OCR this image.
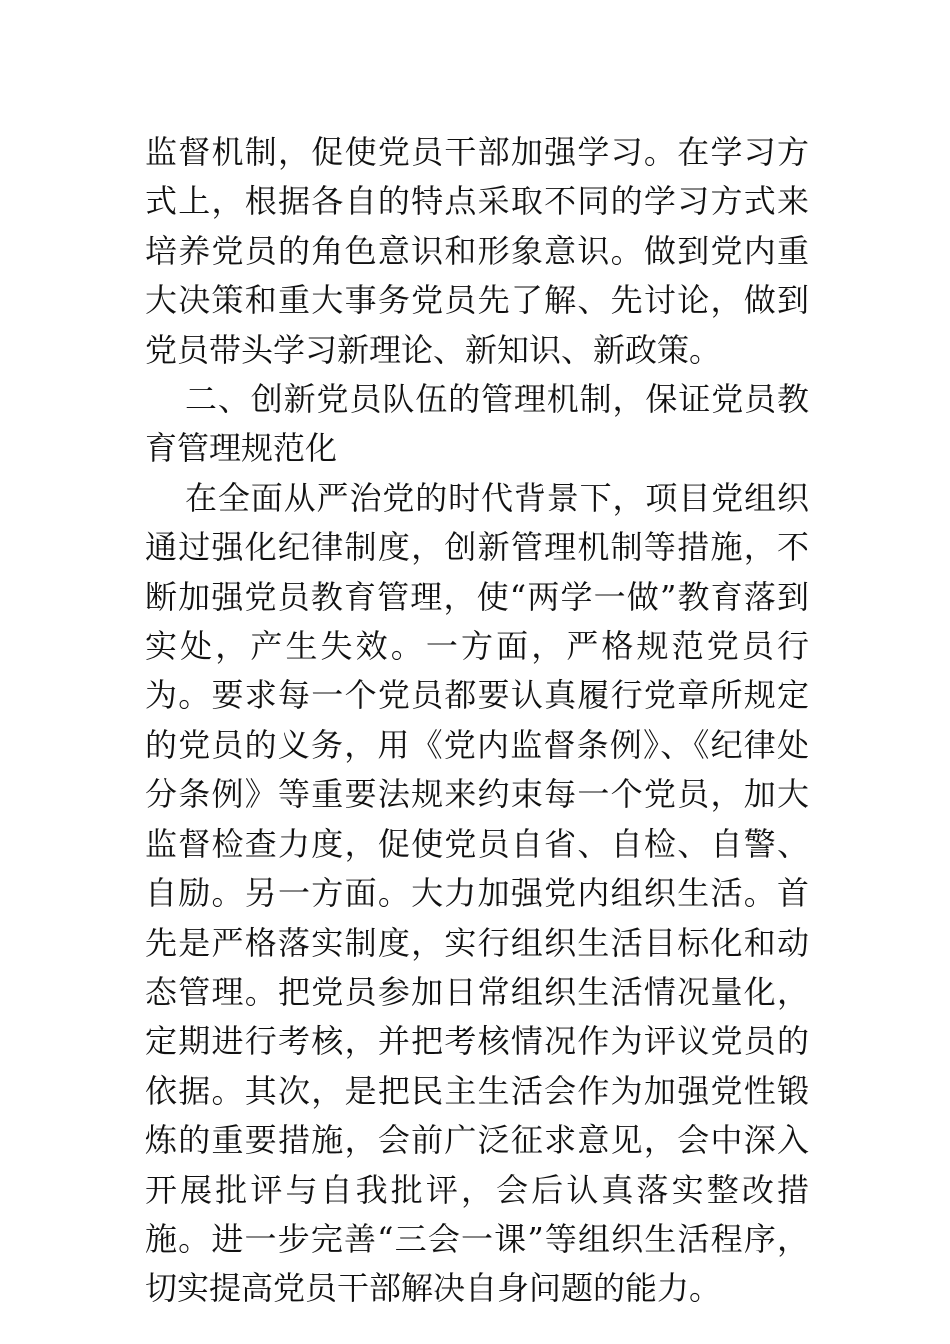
监督机制，促使党员干部加强学习。在学习方式上，根据各自的特点采取不同的学习方式来培养党员的角色意识和形象意识。做到党内重大决策和重大事务党员先了解、先讨论，做到党员带头学习新理论、新知识、新政策。

二、创新党员队伍的管理机制，保证党员教育管理规范化

在全面从严治党的时代背景下，项目党组织通过强化纪律制度，创新管理机制等措施，不断加强党员教育管理，使“两学一做”教育落到实处，产生失效。一方面，严格规范党员行为。要求每一个党员都要认真履行党章所规定的党员的义务，用《党内监督条例》、《纪律处分条例》等重要法规来约束每一个党员，加大监督检查力度，促使党员自省、自检、自警、自励。另一方面。大力加强党内组织生活。首先是严格落实制度，实行组织生活目标化和动态管理。把党员参加日常组织生活情况量化，定期进行考核，并把考核情况作为评议党员的依据。其次，是把民主生活会作为加强党性锻炼的重要措施，会前广泛征求意见，会中深入开展批评与自我批评，会后认真落实整改措施。进一步完善“三会一课”等组织生活程序，切实提高党员干部解决自身问题的能力。
